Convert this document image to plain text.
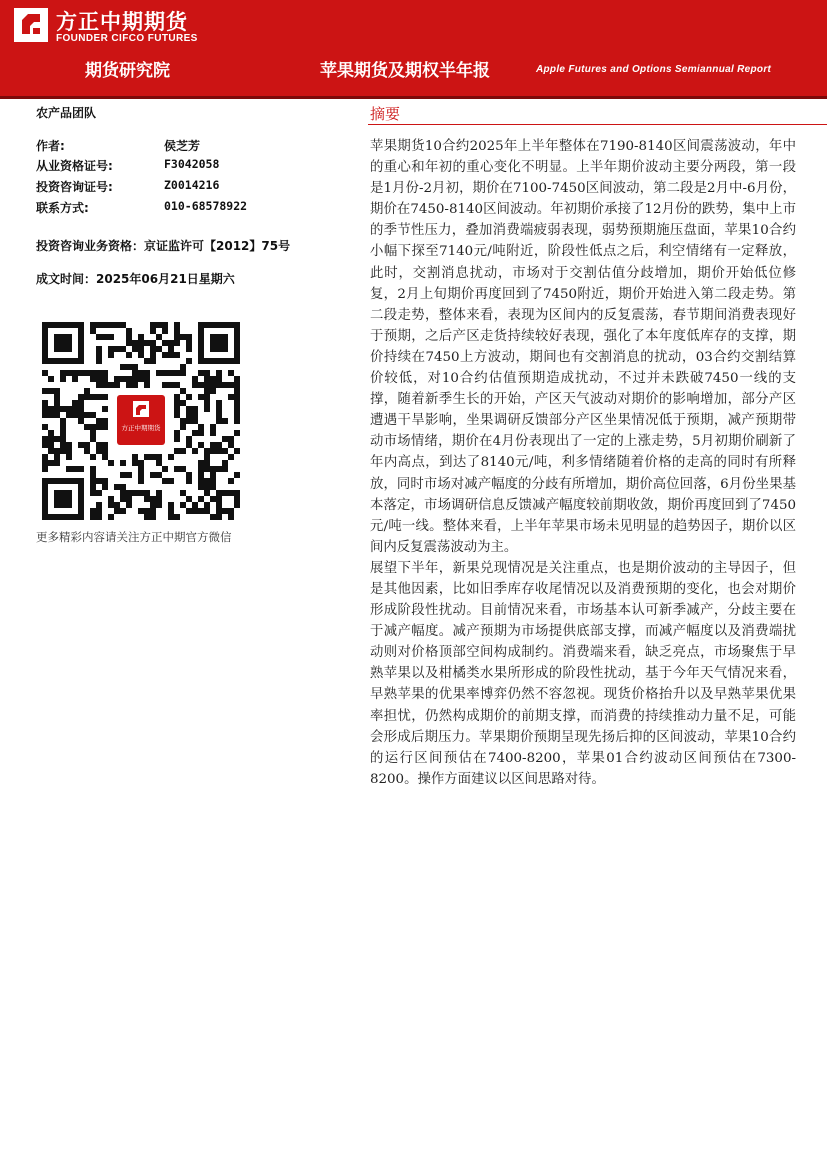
方正中期期货
FOUNDER CIFCO FUTURES
期货研究院	苹果期货及期权半年报	Apple Futures and Options Semiannual Report
农产品团队
作者:	侯芝芳
从业资格证号:	F3042058
投资咨询证号:	Z0014216
联系方式:	010-68578922
投资咨询业务资格：京证监许可【2012】75号
成文时间：2025年06月21日星期六
方正中期期货
更多精彩内容请关注方正中期官方微信
摘要

苹果期货10合约2025年上半年整体在7190-8140区间震荡波动，年中的重心和年初的重心变化不明显。上半年期价波动主要分两段，第一段是1月份-2月初，期价在7100-7450区间波动，第二段是2月中-6月份，期价在7450-8140区间波动。年初期价承接了12月份的跌势，集中上市的季节性压力，叠加消费端疲弱表现，弱势预期施压盘面，苹果10合约小幅下探至7140元/吨附近，阶段性低点之后，利空情绪有一定释放，此时，交割消息扰动，市场对于交割估值分歧增加，期价开始低位修复，2月上旬期价再度回到了7450附近，期价开始进入第二段走势。第二段走势，整体来看，表现为区间内的反复震荡，春节期间消费表现好于预期，之后产区走货持续较好表现，强化了本年度低库存的支撑，期价持续在7450上方波动，期间也有交割消息的扰动，03合约交割结算价较低，对10合约估值预期造成扰动，不过并未跌破7450一线的支撑，随着新季生长的开始，产区天气波动对期价的影响增加，部分产区遭遇干旱影响，坐果调研反馈部分产区坐果情况低于预期，减产预期带动市场情绪，期价在4月份表现出了一定的上涨走势，5月初期价刷新了年内高点，到达了8140元/吨，利多情绪随着价格的走高的同时有所释放，同时市场对减产幅度的分歧有所增加，期价高位回落，6月份坐果基本落定，市场调研信息反馈减产幅度较前期收敛，期价再度回到了7450元/吨一线。整体来看，上半年苹果市场未见明显的趋势因子，期价以区间内反复震荡波动为主。

展望下半年，新果兑现情况是关注重点，也是期价波动的主导因子，但是其他因素，比如旧季库存收尾情况以及消费预期的变化，也会对期价形成阶段性扰动。目前情况来看，市场基本认可新季减产，分歧主要在于减产幅度。减产预期为市场提供底部支撑，而减产幅度以及消费端扰动则对价格顶部空间构成制约。消费端来看，缺乏亮点，市场聚焦于早熟苹果以及柑橘类水果所形成的阶段性扰动，基于今年天气情况来看，早熟苹果的优果率博弈仍然不容忽视。现货价格抬升以及早熟苹果优果率担忧，仍然构成期价的前期支撑，而消费的持续推动力量不足，可能会形成后期压力。苹果期价预期呈现先扬后抑的区间波动，苹果10合约的运行区间预估在7400-8200，苹果01合约波动区间预估在7300-8200。操作方面建议以区间思路对待。
